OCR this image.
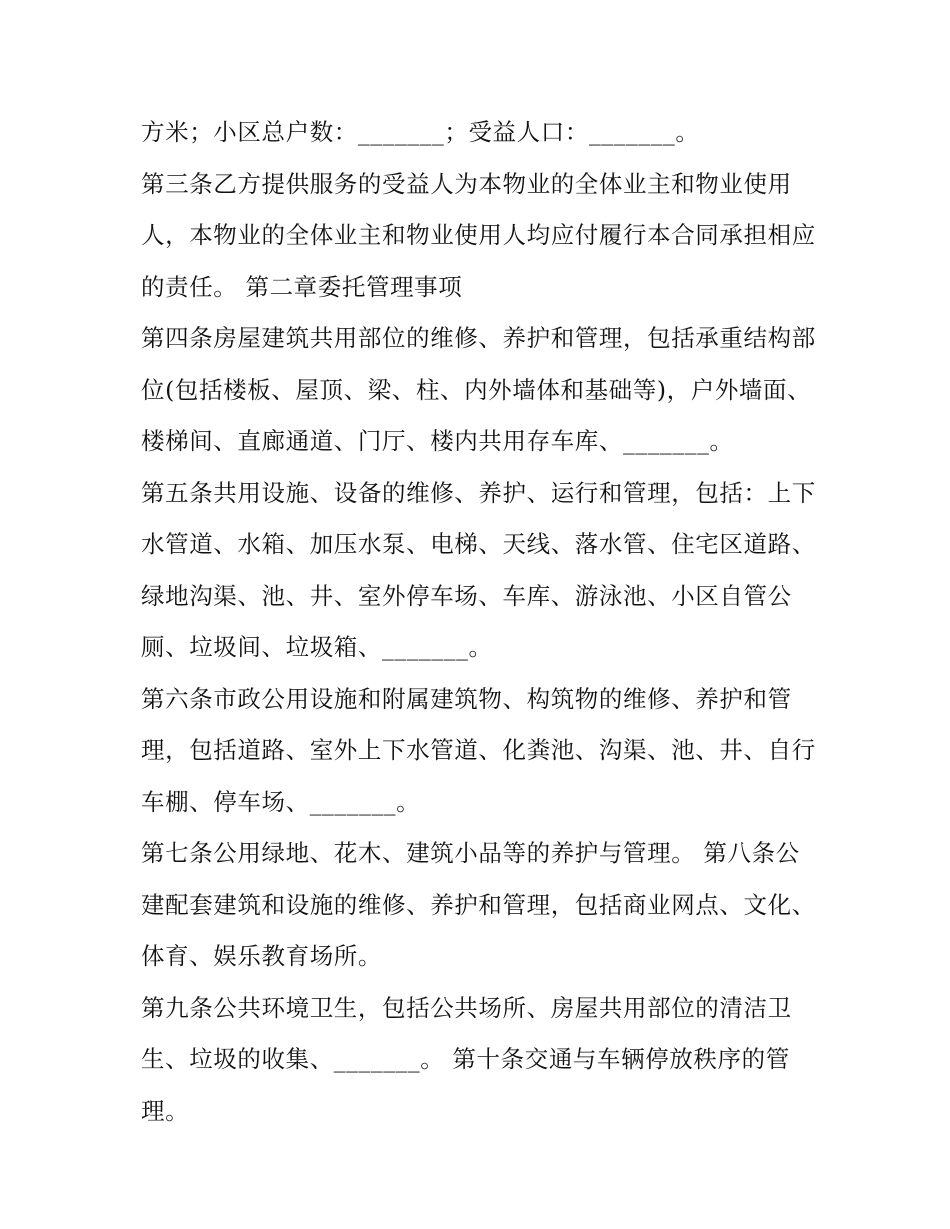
方米；小区总户数：_______；受益人口：_______。

第三条乙方提供服务的受益人为本物业的全体业主和物业使用人，本物业的全体业主和物业使用人均应付履行本合同承担相应的责任。 第二章委托管理事项

第四条房屋建筑共用部位的维修、养护和管理，包括承重结构部位(包括楼板、屋顶、梁、柱、内外墙体和基础等)，户外墙面、楼梯间、直廊通道、门厅、楼内共用存车库、_______。

第五条共用设施、设备的维修、养护、运行和管理，包括：上下水管道、水箱、加压水泵、电梯、天线、落水管、住宅区道路、绿地沟渠、池、井、室外停车场、车库、游泳池、小区自管公厕、垃圾间、垃圾箱、_______。

第六条市政公用设施和附属建筑物、构筑物的维修、养护和管理，包括道路、室外上下水管道、化粪池、沟渠、池、井、自行车棚、停车场、_______。

第七条公用绿地、花木、建筑小品等的养护与管理。 第八条公建配套建筑和设施的维修、养护和管理，包括商业网点、文化、体育、娱乐教育场所。

第九条公共环境卫生，包括公共场所、房屋共用部位的清洁卫生、垃圾的收集、_______。 第十条交通与车辆停放秩序的管理。
